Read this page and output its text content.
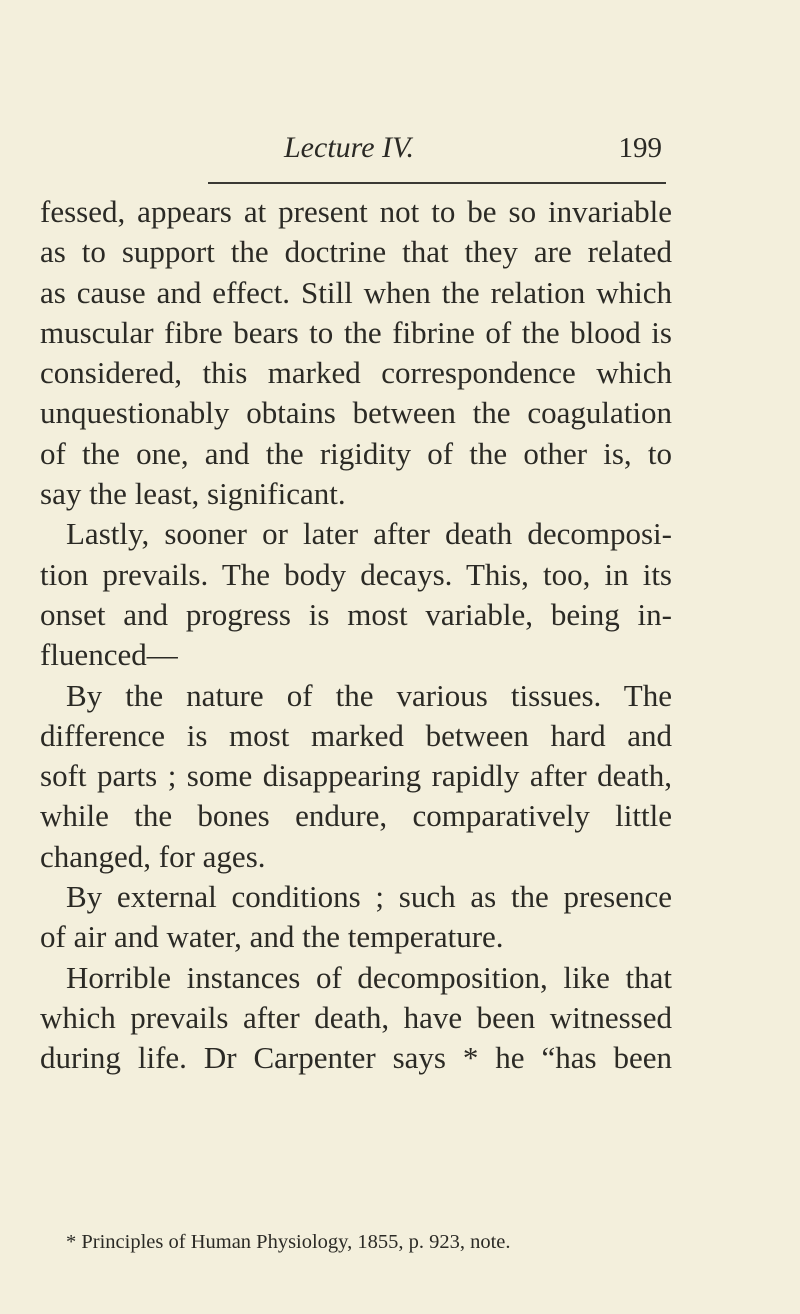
Lecture IV.	199
fessed, appears at present not to be so invariable
as to support the doctrine that they are related
as cause and effect. Still when the relation which
muscular fibre bears to the fibrine of the blood is
considered, this marked correspondence which
unquestionably obtains between the coagulation
of the one, and the rigidity of the other is, to
say the least, significant.
Lastly, sooner or later after death decomposi-
tion prevails. The body decays. This, too, in its
onset and progress is most variable, being in-
fluenced—
By the nature of the various tissues. The
difference is most marked between hard and
soft parts ; some disappearing rapidly after death,
while the bones endure, comparatively little
changed, for ages.
By external conditions ; such as the presence
of air and water, and the temperature.
Horrible instances of decomposition, like that
which prevails after death, have been witnessed
during life. Dr Carpenter says * he “has been
* Principles of Human Physiology, 1855, p. 923, note.
